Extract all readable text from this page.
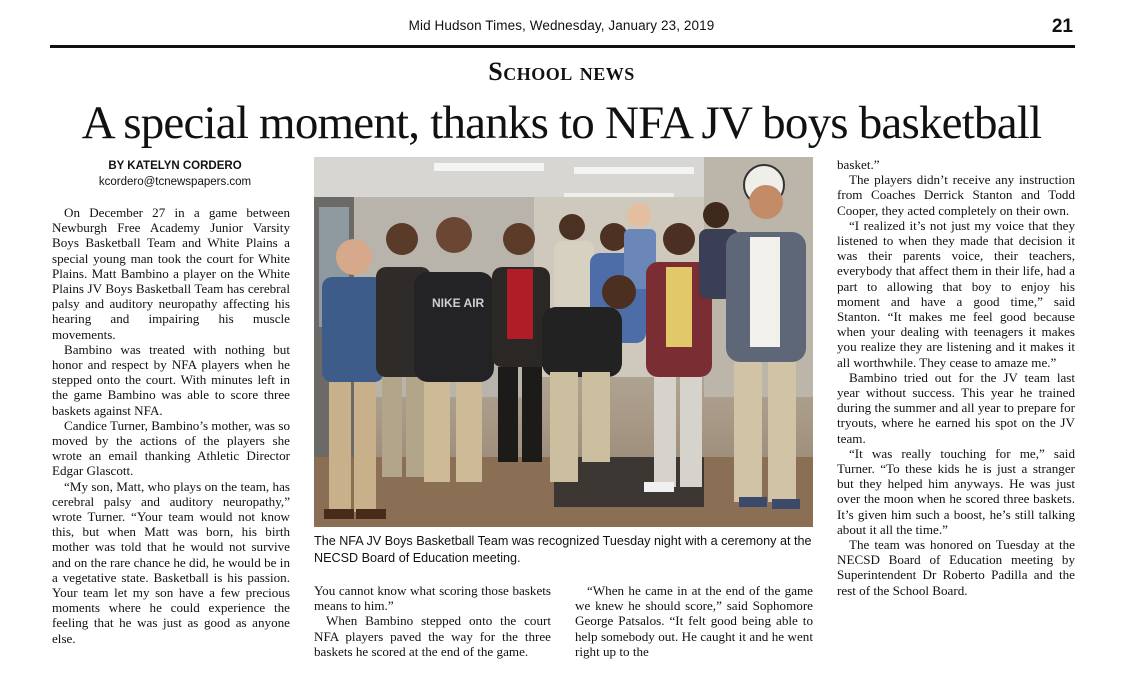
Mid Hudson Times, Wednesday, January 23, 2019	21
School news
A special moment, thanks to NFA JV boys basketball
BY KATELYN CORDERO
kcordero@tcnewspapers.com

On December 27 in a game between Newburgh Free Academy Junior Varsity Boys Basketball Team and White Plains a special young man took the court for White Plains. Matt Bambino a player on the White Plains JV Boys Basketball Team has cerebral palsy and auditory neuropathy affecting his hearing and impairing his muscle movements.

Bambino was treated with nothing but honor and respect by NFA players when he stepped onto the court. With minutes left in the game Bambino was able to score three baskets against NFA.

Candice Turner, Bambino’s mother, was so moved by the actions of the players she wrote an email thanking Athletic Director Edgar Glascott.

“My son, Matt, who plays on the team, has cerebral palsy and auditory neuropathy,” wrote Turner. “Your team would not know this, but when Matt was born, his birth mother was told that he would not survive and on the rare chance he did, he would be in a vegetative state. Basketball is his passion. Your team let my son have a few precious moments where he could experience the feeling that he was just as good as anyone else.

NIKE AIR
The NFA JV Boys Basketball Team was recognized Tuesday night with a ceremony at the NECSD Board of Education meeting.

You cannot know what scoring those baskets means to him.”

When Bambino stepped onto the court NFA players paved the way for the three baskets he scored at the end of the game.

“When he came in at the end of the game we knew he should score,” said Sophomore George Patsalos. “It felt good being able to help somebody out. He caught it and he went right up to the

basket.”

The players didn’t receive any instruction from Coaches Derrick Stanton and Todd Cooper, they acted completely on their own.

“I realized it’s not just my voice that they listened to when they made that decision it was their parents voice, their teachers, everybody that affect them in their life, had a part to allowing that boy to enjoy his moment and have a good time,” said Stanton. “It makes me feel good because when your dealing with teenagers it makes you realize they are listening and it makes it all worthwhile. They cease to amaze me.”

Bambino tried out for the JV team last year without success. This year he trained during the summer and all year to prepare for tryouts, where he earned his spot on the JV team.

“It was really touching for me,” said Turner. “To these kids he is just a stranger but they helped him anyways. He was just over the moon when he scored three baskets. It’s given him such a boost, he’s still talking about it all the time.”

The team was honored on Tuesday at the NECSD Board of Education meeting by Superintendent Dr Roberto Padilla and the rest of the School Board.
